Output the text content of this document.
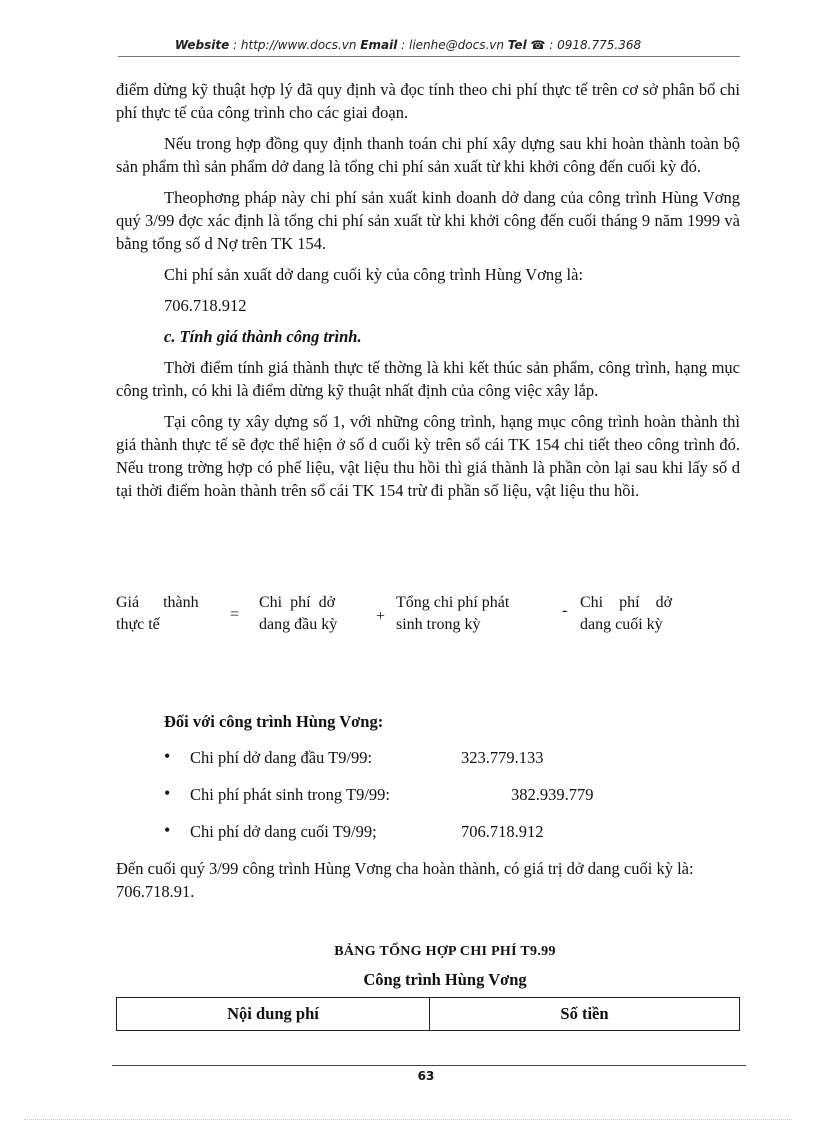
Website : http://www.docs.vn Email : lienhe@docs.vn Tel ☎ : 0918.775.368

điểm dừng kỹ thuật hợp lý đã quy định và đọc tính theo chi phí thực tế trên cơ sở phân bổ chi phí thực tế của công trình cho các giai đoạn.

Nếu trong hợp đồng quy định thanh toán chi phí xây dựng sau khi hoàn thành toàn bộ sản phẩm thì sản phẩm dở dang là tổng chi phí sản xuất từ khi khởi công đến cuối kỳ đó.

Theophơng pháp này chi phí sản xuất kinh doanh dở dang của công trình Hùng Vơng quý 3/99 đợc xác định là tổng chi phí sản xuất từ khi khởi công đến cuối tháng 9 năm 1999 và bằng tổng số d Nợ trên TK 154.

Chi phí sản xuất dở dang cuối kỳ của công trình Hùng Vơng là:

706.718.912

c. Tính giá thành công trình.

Thời điểm tính giá thành thực tế thờng là khi kết thúc sản phẩm, công trình, hạng mục công trình, có khi là điểm dừng kỹ thuật nhất định của công việc xây lắp.

Tại công ty xây dựng số 1, với những công trình, hạng mục công trình hoàn thành thì giá thành thực tế sẽ đợc thể hiện ở số d cuối kỳ trên sổ cái TK 154 chi tiết theo công trình đó. Nếu trong trờng hợp có phế liệu, vật liệu thu hồi thì giá thành là phần còn lại sau khi lấy số d tại thời điểm hoàn thành trên sổ cái TK 154 trừ đi phần số liệu, vật liệu thu hồi.

Giá      thành
thực tế
=
Chi  phí  dở
dang đầu kỳ +
Tổng chi phí phát
sinh trong kỳ
- Chi    phí    dở
dang cuối kỳ
Đối với công trình Hùng Vơng:
• Chi phí dở dang đầu T9/99:	323.779.133
• Chi phí phát sinh trong T9/99:	382.939.779
• Chi phí dở dang cuối T9/99;	706.718.912

Đến cuối quý 3/99 công trình Hùng Vơng cha hoàn thành, có giá trị dở dang cuối kỳ là: 706.718.91.

BẢNG TỔNG HỢP CHI PHÍ T9.99
Công trình Hùng Vơng
Nội dung phí	Số tiền
63
